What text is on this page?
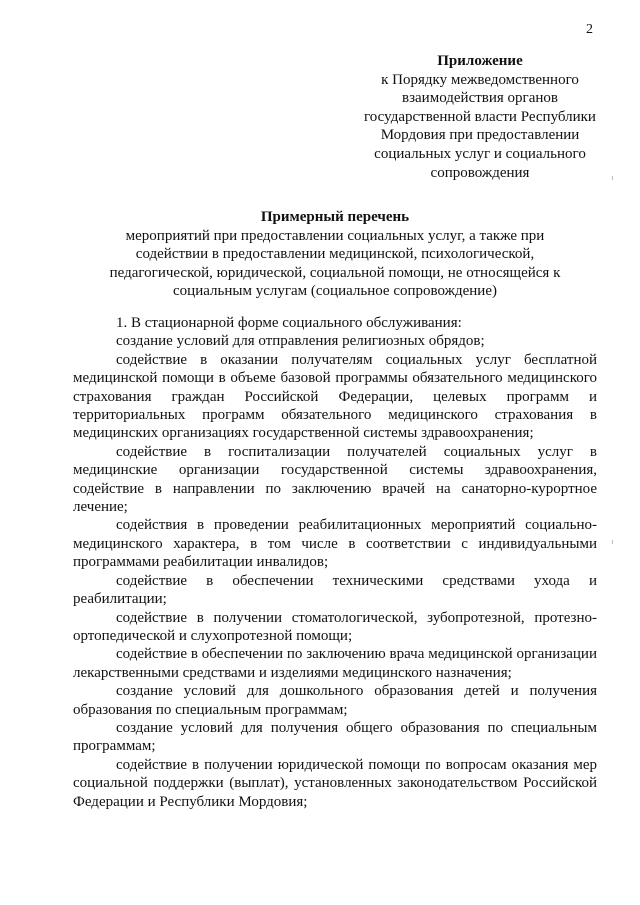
2
Приложение
к Порядку межведомственного
взаимодействия органов
государственной власти Республики
Мордовия при предоставлении
социальных услуг и социального
сопровождения
Примерный перечень
мероприятий при предоставлении социальных услуг, а также при
содействии в предоставлении медицинской, психологической,
педагогической, юридической, социальной помощи, не относящейся к
социальным услугам (социальное сопровождение)

1. В стационарной форме социального обслуживания:

создание условий для отправления религиозных обрядов;

содействие в оказании получателям социальных услуг бесплатной медицинской помощи в объеме базовой программы обязательного медицинского страхования граждан Российской Федерации, целевых программ и территориальных программ обязательного медицинского страхования в медицинских организациях государственной системы здравоохранения;

содействие в госпитализации получателей социальных услуг в медицинские организации государственной системы здравоохранения, содействие в направлении по заключению врачей на санаторно-курортное лечение;

содействия в проведении реабилитационных мероприятий социально-медицинского характера, в том числе в соответствии с индивидуальными программами реабилитации инвалидов;

содействие в обеспечении техническими средствами ухода и реабилитации;

содействие в получении стоматологической, зубопротезной, протезно-ортопедической и слухопротезной помощи;

содействие в обеспечении по заключению врача медицинской организации лекарственными средствами и изделиями медицинского назначения;

создание условий для дошкольного образования детей и получения образования по специальным программам;

создание условий для получения общего образования по специальным программам;

содействие в получении юридической помощи по вопросам оказания мер социальной поддержки (выплат), установленных законодательством Российской Федерации и Республики Мордовия;
